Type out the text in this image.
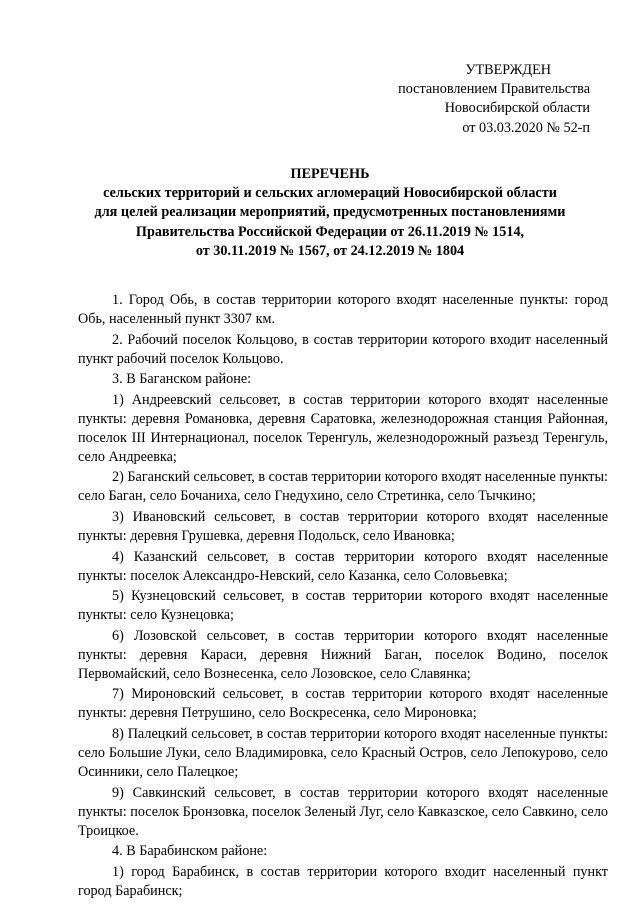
УТВЕРЖДЕН
постановлением Правительства
Новосибирской области
от 03.03.2020 № 52-п
ПЕРЕЧЕНЬ
сельских территорий и сельских агломераций Новосибирской области
для целей реализации мероприятий, предусмотренных постановлениями
Правительства Российской Федерации от 26.11.2019 № 1514,
от 30.11.2019 № 1567, от 24.12.2019 № 1804

1. Город Обь, в состав территории которого входят населенные пункты: город Обь, населенный пункт 3307 км.

2. Рабочий поселок Кольцово, в состав территории которого входит населенный пункт рабочий поселок Кольцово.

3. В Баганском районе:

1) Андреевский сельсовет, в состав территории которого входят населенные пункты: деревня Романовка, деревня Саратовка, железнодорожная станция Районная, поселок III Интернационал, поселок Теренгуль, железнодорожный разъезд Теренгуль, село Андреевка;

2) Баганский сельсовет, в состав территории которого входят населенные пункты: село Баган, село Бочаниха, село Гнедухино, село Стретинка, село Тычкино;

3) Ивановский сельсовет, в состав территории которого входят населенные пункты: деревня Грушевка, деревня Подольск, село Ивановка;

4) Казанский сельсовет, в состав территории которого входят населенные пункты: поселок Александро-Невский, село Казанка, село Соловьевка;

5) Кузнецовский сельсовет, в состав территории которого входят населенные пункты: село Кузнецовка;

6) Лозовской сельсовет, в состав территории которого входят населенные пункты: деревня Караси, деревня Нижний Баган, поселок Водино, поселок Первомайский, село Вознесенка, село Лозовское, село Славянка;

7) Мироновский сельсовет, в состав территории которого входят населенные пункты: деревня Петрушино, село Воскресенка, село Мироновка;

8) Палецкий сельсовет, в состав территории которого входят населенные пункты: село Большие Луки, село Владимировка, село Красный Остров, село Лепокурово, село Осинники, село Палецкое;

9) Савкинский сельсовет, в состав территории которого входят населенные пункты: поселок Бронзовка, поселок Зеленый Луг, село Кавказское, село Савкино, село Троицкое.

4. В Барабинском районе:

1) город Барабинск, в состав территории которого входит населенный пункт город Барабинск;
